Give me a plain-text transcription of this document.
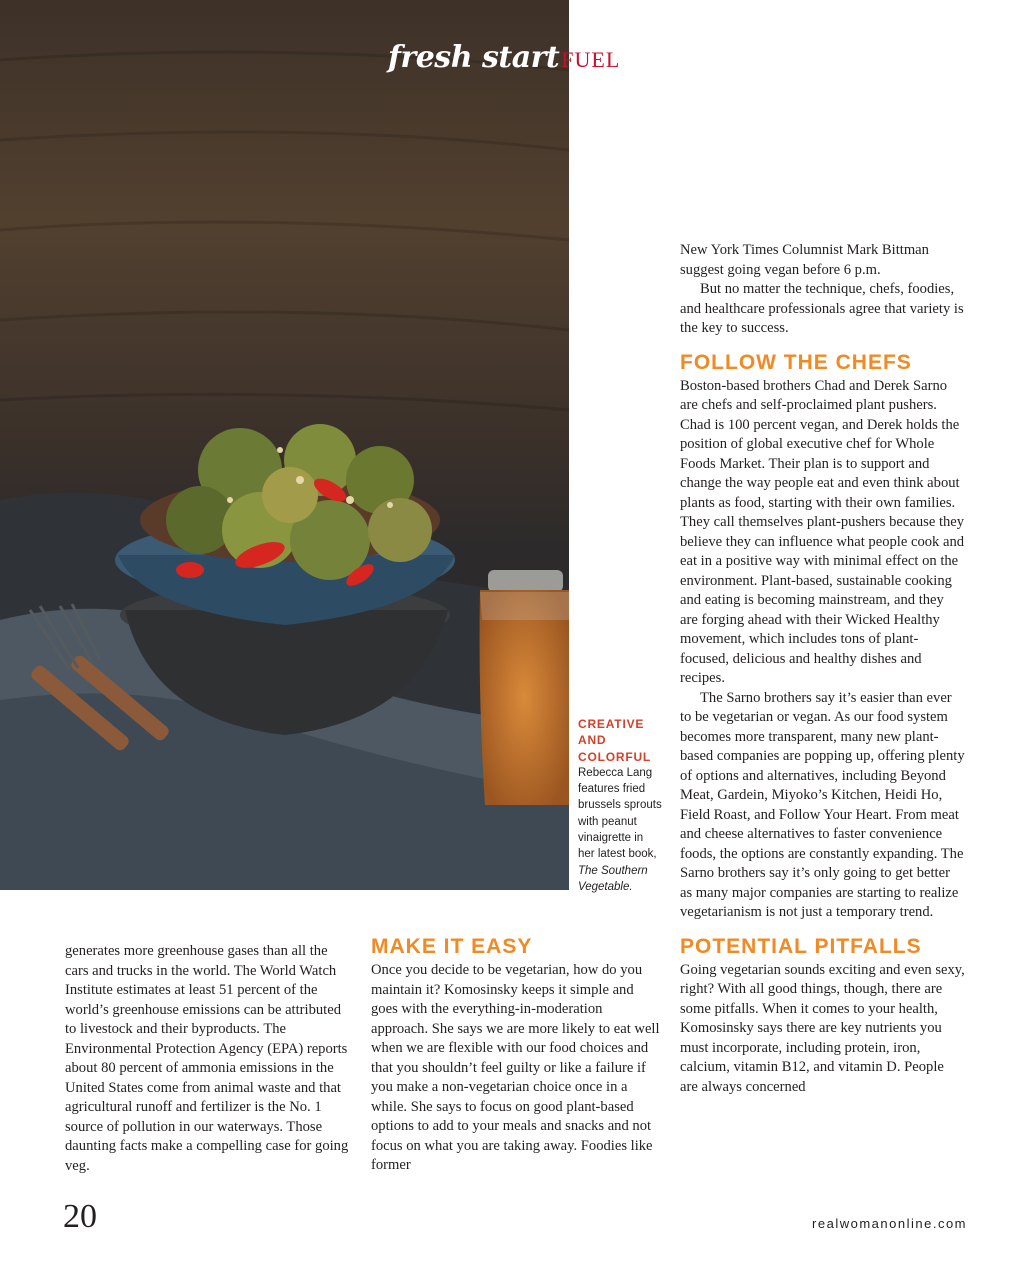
fresh startFUEL
CREATIVE
AND
COLORFUL
Rebecca Lang
features fried
brussels sprouts
with peanut
vinaigrette in
her latest book,
The Southern
Vegetable.

New York Times Columnist Mark Bittman suggest going vegan before 6 p.m.

But no matter the technique, chefs, foodies, and healthcare professionals agree that variety is the key to success.

FOLLOW THE CHEFS

Boston-based brothers Chad and Derek Sarno are chefs and self-proclaimed plant pushers. Chad is 100 percent vegan, and Derek holds the position of global executive chef for Whole Foods Market. Their plan is to support and change the way people eat and even think about plants as food, starting with their own families. They call themselves plant-pushers because they believe they can influence what people cook and eat in a positive way with minimal effect on the environment. Plant-based, sustainable cooking and eating is becoming mainstream, and they are forging ahead with their Wicked Healthy movement, which includes tons of plant-focused, delicious and healthy dishes and recipes.

The Sarno brothers say it’s easier than ever to be vegetarian or vegan. As our food system becomes more transparent, many new plant-based companies are popping up, offering plenty of options and alternatives, including Beyond Meat, Gardein, Miyoko’s Kitchen, Heidi Ho, Field Roast, and Follow Your Heart. From meat and cheese alternatives to faster convenience foods, the options are constantly expanding. The Sarno brothers say it’s only going to get better as many major companies are starting to realize vegetarianism is not just a temporary trend.

POTENTIAL PITFALLS

Going vegetarian sounds exciting and even sexy, right? With all good things, though, there are some pitfalls. When it comes to your health, Komosinsky says there are key nutrients you must incorporate, including protein, iron, calcium, vitamin B12, and vitamin D. People are always concerned

generates more greenhouse gases than all the cars and trucks in the world. The World Watch Institute estimates at least 51 percent of the world’s greenhouse emissions can be attributed to livestock and their byproducts. The Environmental Protection Agency (EPA) reports about 80 percent of ammonia emissions in the United States come from animal waste and that agricultural runoff and fertilizer is the No. 1 source of pollution in our waterways. Those daunting facts make a compelling case for going veg.

MAKE IT EASY

Once you decide to be vegetarian, how do you maintain it? Komosinsky keeps it simple and goes with the everything-in-moderation approach. She says we are more likely to eat well when we are flexible with our food choices and that you shouldn’t feel guilty or like a failure if you make a non-vegetarian choice once in a while. She says to focus on good plant-based options to add to your meals and snacks and not focus on what you are taking away. Foodies like former

20	realwomanonline.com
